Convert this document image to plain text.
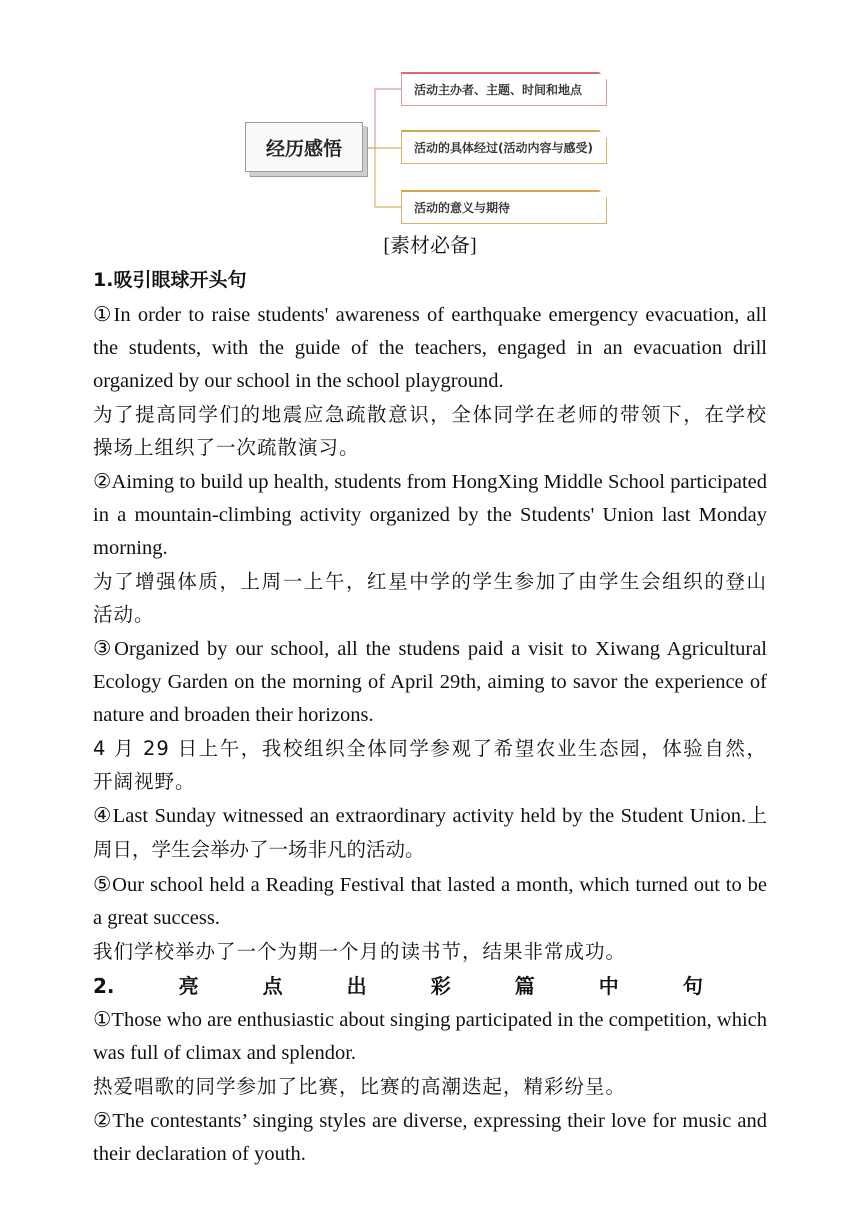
经历感悟
活动主办者、主题、时间和地点
活动的具体经过(活动内容与感受)
活动的意义与期待
[素材必备]
1.吸引眼球开头句

①In order to raise students' awareness of earthquake emergency evacuation, all the students, with the guide of the teachers, engaged in an evacuation drill organized by our school in the school playground.

为了提高同学们的地震应急疏散意识，全体同学在老师的带领下，在学校操场上组织了一次疏散演习。

②Aiming to build up health, students from HongXing Middle School participated in a mountain-climbing activity organized by the Students' Union last Monday morning.

为了增强体质，上周一上午，红星中学的学生参加了由学生会组织的登山活动。

③Organized by our school, all the studens paid a visit to Xiwang Agricultural Ecology Garden on the morning of April 29th, aiming to savor the experience of nature and broaden their horizons.

4 月 29 日上午，我校组织全体同学参观了希望农业生态园，体验自然，开阔视野。

④Last Sunday witnessed an extraordinary activity held by the Student Union.上周日，学生会举办了一场非凡的活动。

⑤Our school held a Reading Festival that lasted a month, which turned out to be a great success.

我们学校举办了一个为期一个月的读书节，结果非常成功。

2.	亮	点	出	彩	篇	中	句

①Those who are enthusiastic about singing participated in the competition, which was full of climax and splendor.

热爱唱歌的同学参加了比赛，比赛的高潮迭起，精彩纷呈。

②The contestants’ singing styles are diverse, expressing their love for music and their declaration of youth.
